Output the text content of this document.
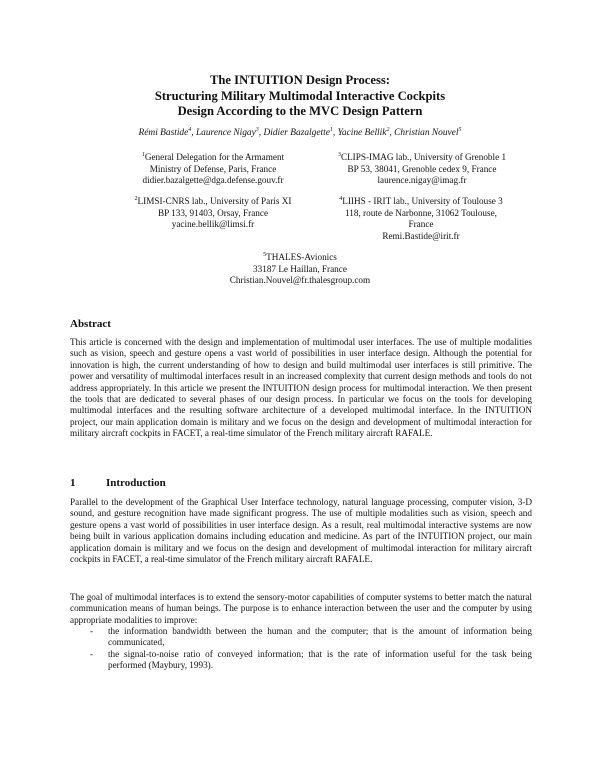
The INTUITION Design Process:
Structuring Military Multimodal Interactive Cockpits
Design According to the MVC Design Pattern
Rémi Bastide$^4$, Laurence Nigay$^3$, Didier Bazalgette$^1$, Yacine Bellik$^2$, Christian Nouvel$^5$
$^1$General Delegation for the Armament
Ministry of Defense, Paris, France
didier.bazalgette@dga.defense.gouv.fr
$^3$CLIPS-IMAG lab., University of Grenoble 1
BP 53, 38041, Grenoble cedex 9, France
laurence.nigay@imag.fr
$^2$LIMSI-CNRS lab., University of Paris XI
BP 133, 91403, Orsay, France
yacine.bellik@limsi.fr
$^4$LIIHS - IRIT lab., University of Toulouse 3
118, route de Narbonne, 31062 Toulouse,
France
Remi.Bastide@irit.fr
$^5$THALES-Avionics
33187 Le Haillan, France
Christian.Nouvel@fr.thalesgroup.com
Abstract
This article is concerned with the design and implementation of multimodal user interfaces. The use of multiple modalities such as vision, speech and gesture opens a vast world of possibilities in user interface design. Although the potential for innovation is high, the current understanding of how to design and build multimodal user interfaces is still primitive. The power and versatility of multimodal interfaces result in an increased complexity that current design methods and tools do not address appropriately. In this article we present the INTUITION design process for multimodal interaction. We then present the tools that are dedicated to several phases of our design process. In particular we focus on the tools for developing multimodal interfaces and the resulting software architecture of a developed multimodal interface. In the INTUITION project, our main application domain is military and we focus on the design and development of multimodal interaction for military aircraft cockpits in FACET, a real-time simulator of the French military aircraft RAFALE.
1	Introduction
Parallel to the development of the Graphical User Interface technology, natural language processing, computer vision, 3-D sound, and gesture recognition have made significant progress. The use of multiple modalities such as vision, speech and gesture opens a vast world of possibilities in user interface design. As a result, real multimodal interactive systems are now being built in various application domains including education and medicine. As part of the INTUITION project, our main application domain is military and we focus on the design and development of multimodal interaction for military aircraft cockpits in FACET, a real-time simulator of the French military aircraft RAFALE.
The goal of multimodal interfaces is to extend the sensory-motor capabilities of computer systems to better match the natural communication means of human beings. The purpose is to enhance interaction between the user and the computer by using appropriate modalities to improve:
- the information bandwidth between the human and the computer; that is the amount of information being communicated,
- the signal-to-noise ratio of conveyed information; that is the rate of information useful for the task being performed (Maybury, 1993).
